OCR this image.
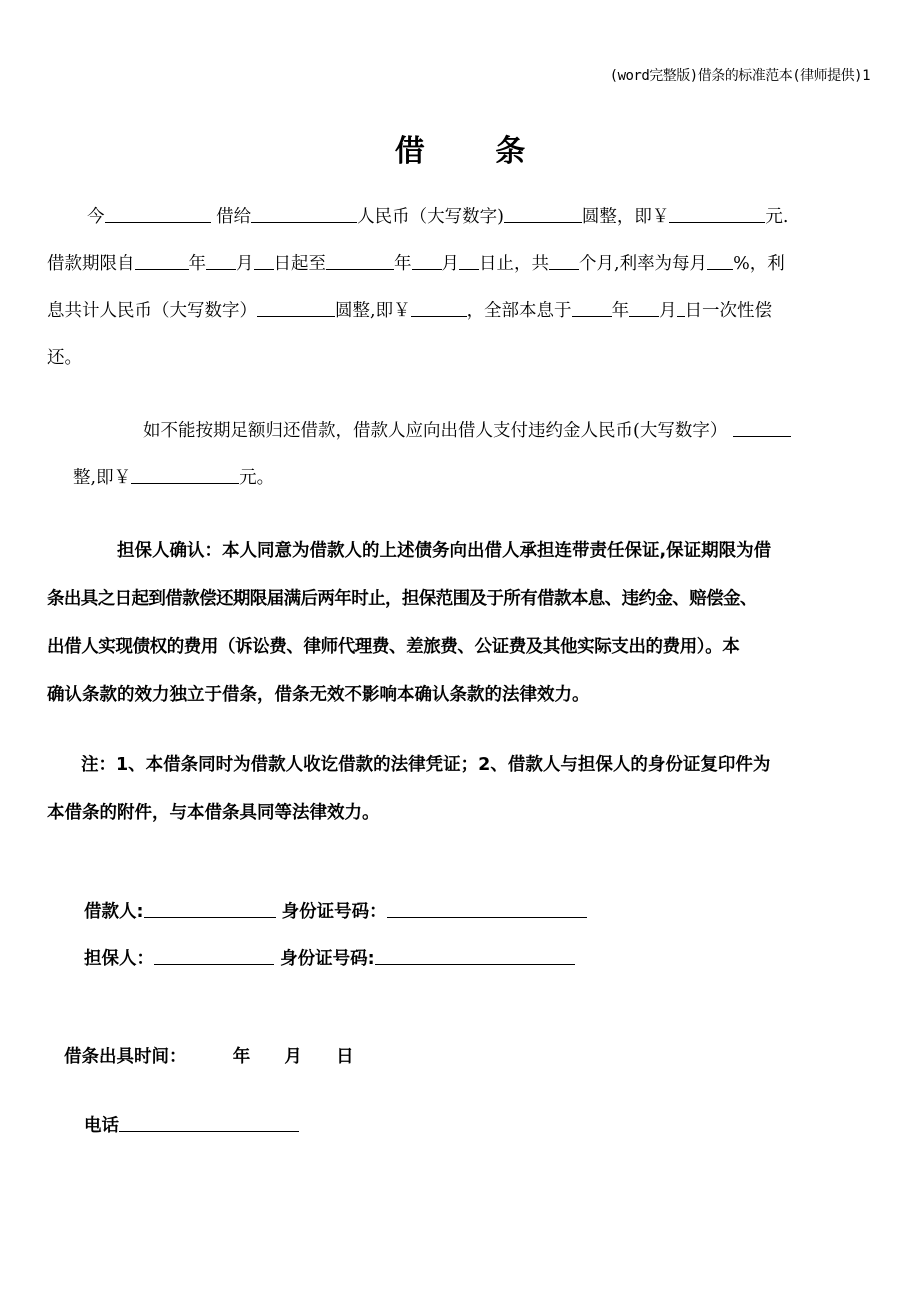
(word完整版)借条的标准范本(律师提供)1
借 条
今	借给	人民币（大写数字)	圆整，即￥	元.
借款期限自	年 月 日起至	年 月 日止，共 个月,利率为每月 %，利
息共计人民币（大写数字）	圆整,即￥	，全部本息于 年 月 日一次性偿
还。
如不能按期足额归还借款，借款人应向出借人支付违约金人民币(大写数字）
整,即￥	元。
担保人确认：本人同意为借款人的上述债务向出借人承担连带责任保证,保证期限为借
条出具之日起到借款偿还期限届满后两年时止，担保范围及于所有借款本息、违约金、赔偿金、
出借人实现债权的费用（诉讼费、律师代理费、差旅费、公证费及其他实际支出的费用）。本
确认条款的效力独立于借条，借条无效不影响本确认条款的法律效力。
注：1、本借条同时为借款人收讫借款的法律凭证；2、借款人与担保人的身份证复印件为
本借条的附件，与本借条具同等法律效力。
借款人:	身份证号码：
担保人：	身份证号码:
借条出具时间：	年 月 日
电话
